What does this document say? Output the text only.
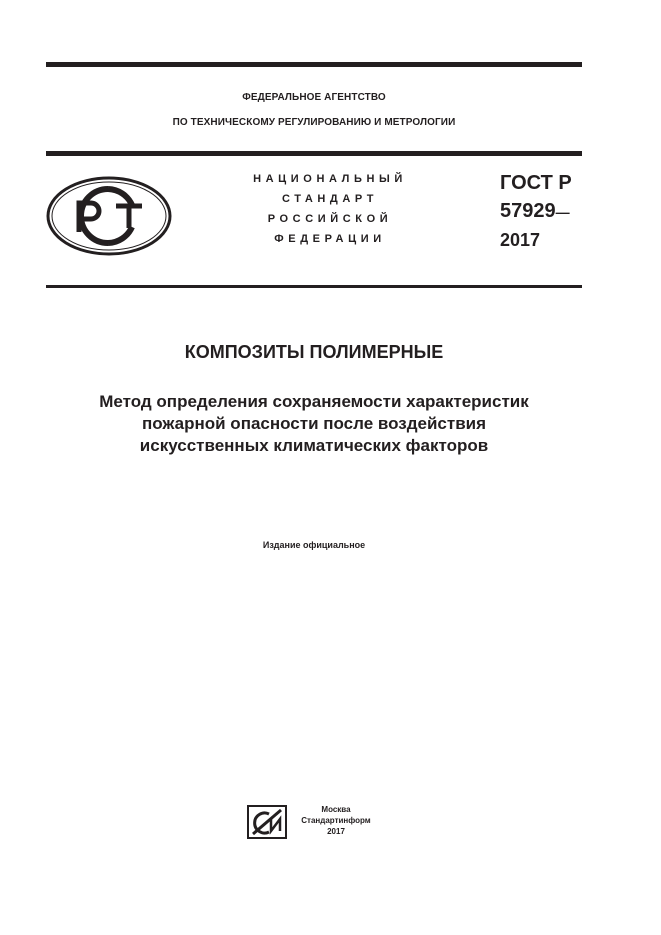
ФЕДЕРАЛЬНОЕ АГЕНТСТВО
ПО ТЕХНИЧЕСКОМУ РЕГУЛИРОВАНИЮ И МЕТРОЛОГИИ
НАЦИОНАЛЬНЫЙ
СТАНДАРТ
РОССИЙСКОЙ
ФЕДЕРАЦИИ
ГОСТ Р
57929—
2017
КОМПОЗИТЫ ПОЛИМЕРНЫЕ
Метод определения сохраняемости характеристик
пожарной опасности после воздействия
искусственных климатических факторов
Издание официальное
Москва
Стандартинформ
2017
